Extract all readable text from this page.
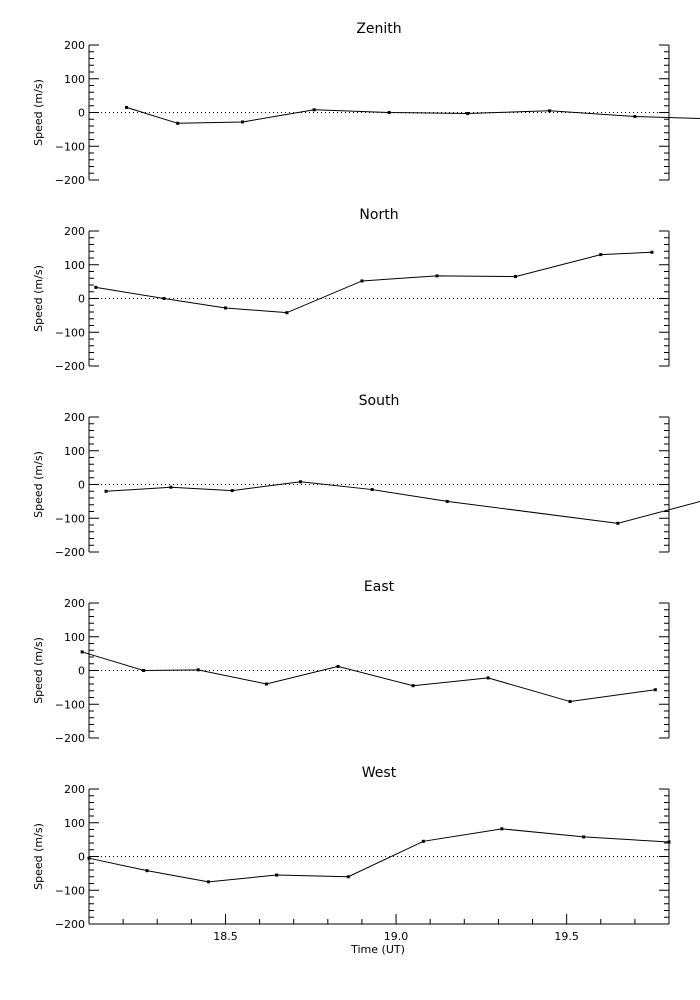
Zenith
Speed (m/s)
200
100
0
−100
−200
North
Speed (m/s)
200
100
0
−100
−200
South
Speed (m/s)
200
100
0
−100
−200
East
Speed (m/s)
200
100
0
−100
−200
West
Speed (m/s)
200
100
0
−100
−200
18.5	19.0	19.5
Time (UT)
